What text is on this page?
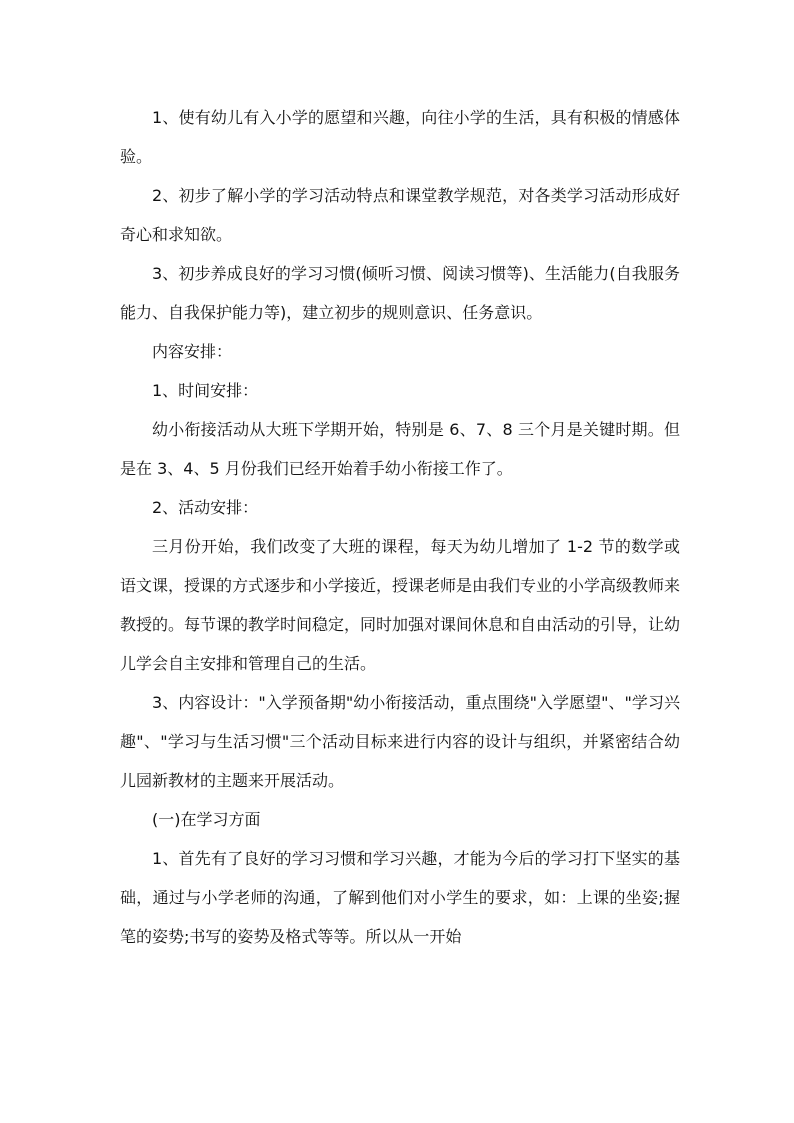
1、使有幼儿有入小学的愿望和兴趣，向往小学的生活，具有积极的情感体验。

2、初步了解小学的学习活动特点和课堂教学规范，对各类学习活动形成好奇心和求知欲。

3、初步养成良好的学习习惯(倾听习惯、阅读习惯等)、生活能力(自我服务能力、自我保护能力等)，建立初步的规则意识、任务意识。

内容安排：

1、时间安排：

幼小衔接活动从大班下学期开始，特别是 6、7、8 三个月是关键时期。但是在 3、4、5 月份我们已经开始着手幼小衔接工作了。

2、活动安排：

三月份开始，我们改变了大班的课程，每天为幼儿增加了 1-2 节的数学或语文课，授课的方式逐步和小学接近，授课老师是由我们专业的小学高级教师来教授的。每节课的教学时间稳定，同时加强对课间休息和自由活动的引导，让幼儿学会自主安排和管理自己的生活。

3、内容设计："入学预备期"幼小衔接活动，重点围绕"入学愿望"、"学习兴趣"、"学习与生活习惯"三个活动目标来进行内容的设计与组织，并紧密结合幼儿园新教材的主题来开展活动。

(一)在学习方面

1、首先有了良好的学习习惯和学习兴趣，才能为今后的学习打下坚实的基础，通过与小学老师的沟通，了解到他们对小学生的要求，如：上课的坐姿;握笔的姿势;书写的姿势及格式等等。所以从一开始
